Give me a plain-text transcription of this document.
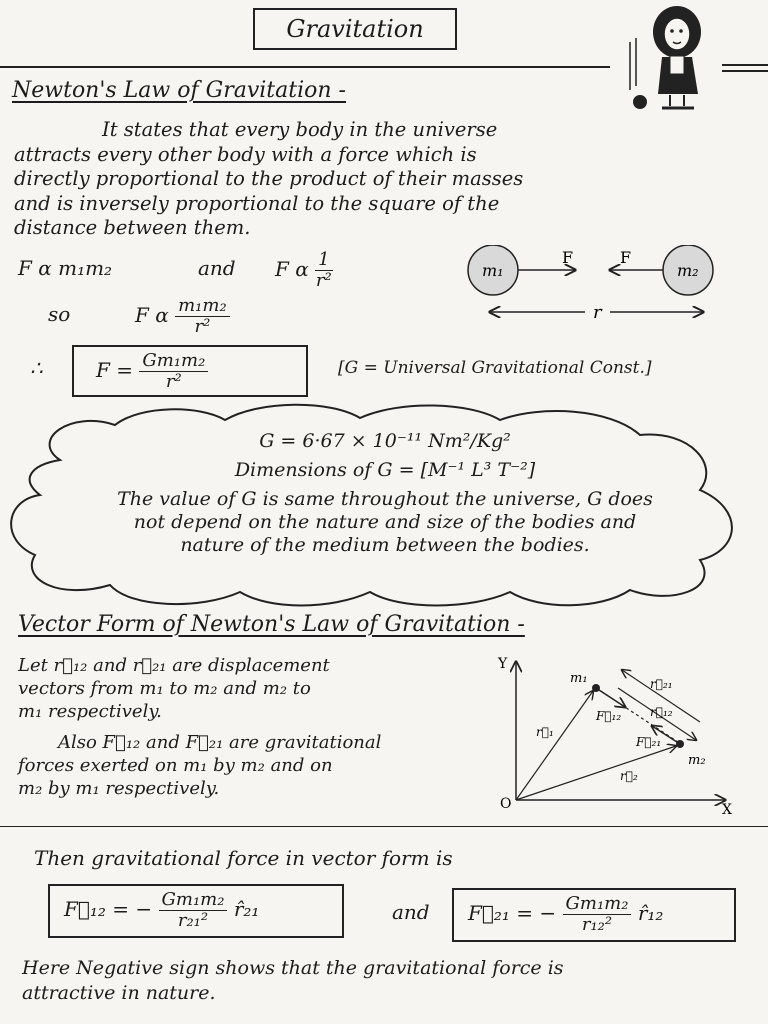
Gravitation
Newton's Law of Gravitation -
It states that every body in the universe
attracts every other body with a force which is
directly proportional to the product of their masses
and is inversely proportional to the square of the
distance between them.
F α m₁m₂	and F α $\frac{1}{\text{r²}}$
so	F α $\frac{\text{m₁m₂}}{\text{r²}}$
m₁	m₂
F	F
r
∴	$F = \frac{\text{Gm₁m₂}}{\text{r²}}$	[G = Universal Gravitational Const.]
G = 6·67 × 10⁻¹¹ Nm²/Kg²
Dimensions of G = [M⁻¹ L³ T⁻²]
The value of G is same throughout the universe, G does
not depend on the nature and size of the bodies and
nature of the medium between the bodies.
Vector Form of Newton's Law of Gravitation -
Let r⃗₁₂ and r⃗₂₁ are displacement
vectors from m₁ to m₂ and m₂ to
m₁ respectively.
Also F⃗₁₂ and F⃗₂₁ are gravitational
forces exerted on m₁ by m₂ and on
m₂ by m₁ respectively.
Y
X
O
m₁
m₂
r⃗₁
r⃗₂
r⃗₂₁
r⃗₁₂
F⃗₁₂
F⃗₂₁
Then gravitational force in vector form is
F⃗₁₂ = − $\frac{\text{Gm₁m₂}}{\text{r₂₁²}}$ r̂₂₁	and F⃗₂₁ = − $\frac{\text{Gm₁m₂}}{\text{r₁₂²}}$ r̂₁₂
Here Negative sign shows that the gravitational force is
attractive in nature.
